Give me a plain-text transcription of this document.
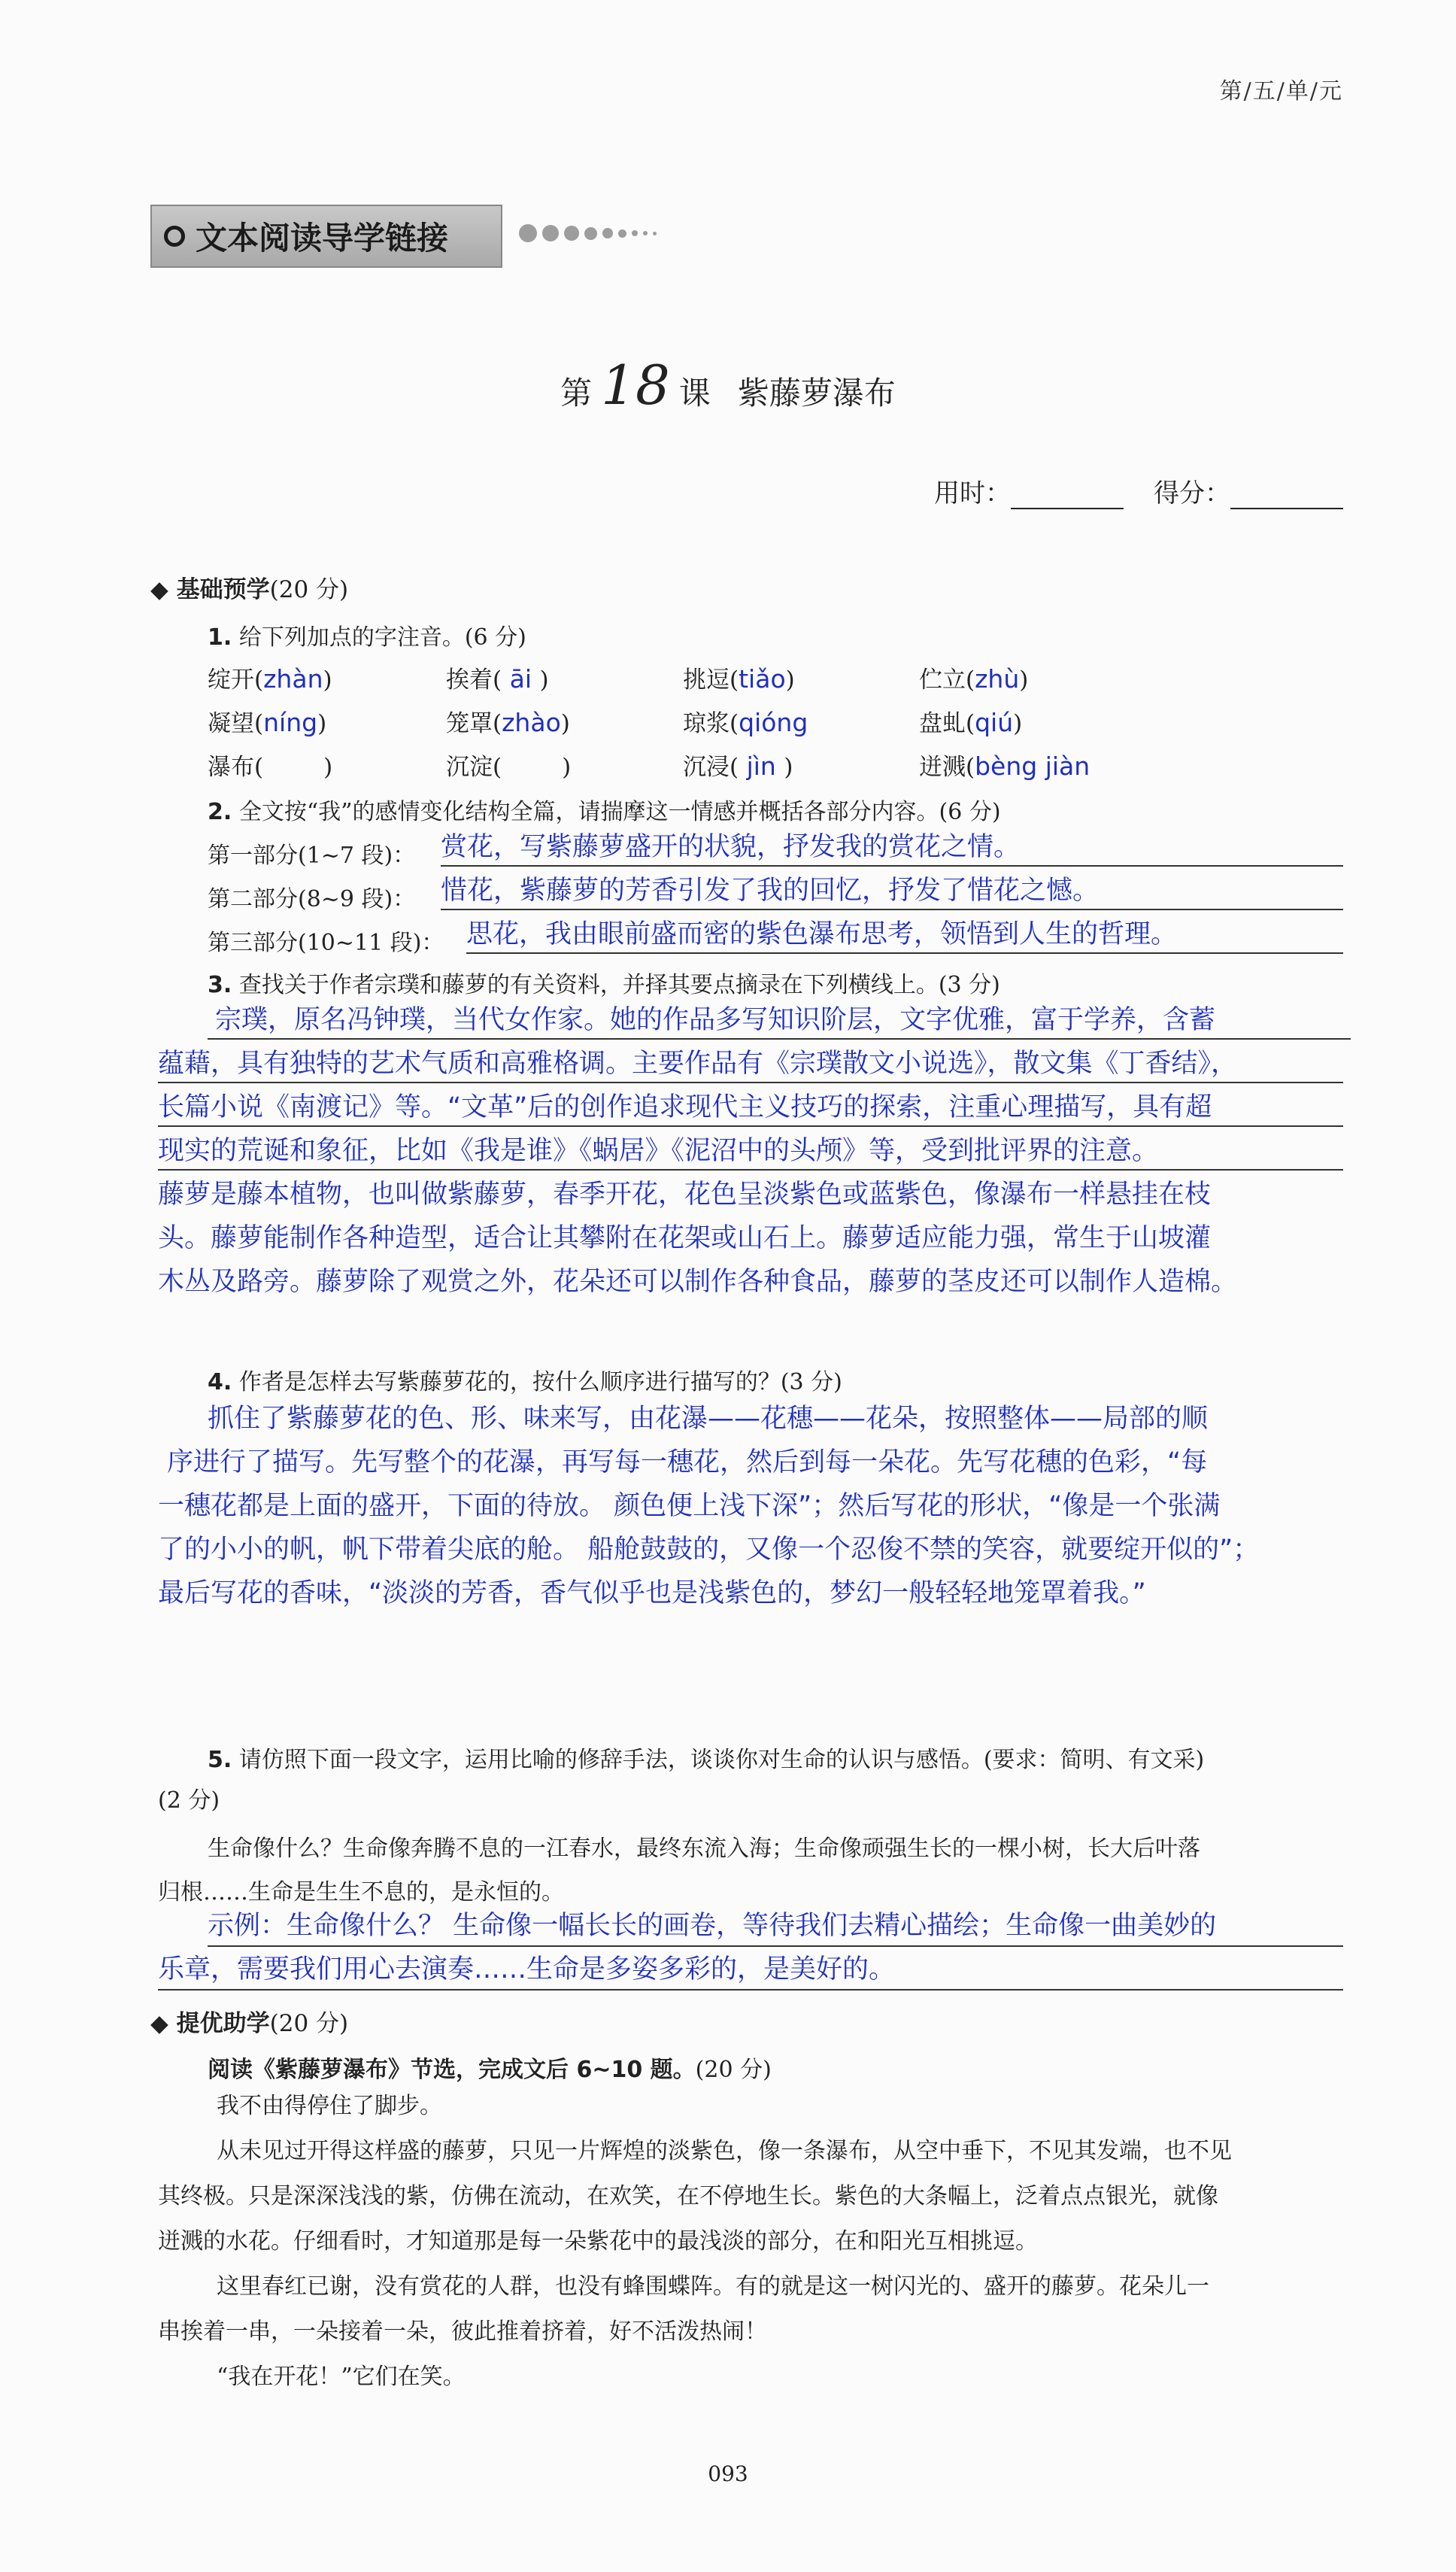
第/五/单/元
文本阅读导学链接
第 18 课 紫藤萝瀑布
用时：	得分：
◆ 基础预学(20 分)
1. 给下列加点的字注音。(6 分)
绽开(zhàn)	挨着( āi )	挑逗(tiǎo)	伫立(zhù)
凝望(níng)	笼罩(zhào)	琼浆(qióng	盘虬(qiú)
瀑布(	)	沉淀(	)	沉浸( jìn )	迸溅(bèng jiàn
2. 全文按“我”的感情变化结构全篇，请揣摩这一情感并概括各部分内容。(6 分)
第一部分(1~7 段)： 赏花，写紫藤萝盛开的状貌，抒发我的赏花之情。
第二部分(8~9 段)： 惜花，紫藤萝的芳香引发了我的回忆，抒发了惜花之憾。
第三部分(10~11 段)： 思花，我由眼前盛而密的紫色瀑布思考，领悟到人生的哲理。
3. 查找关于作者宗璞和藤萝的有关资料，并择其要点摘录在下列横线上。(3 分)
宗璞，原名冯钟璞，当代女作家。她的作品多写知识阶层，文字优雅，富于学养，含蓄
蕴藉，具有独特的艺术气质和高雅格调。主要作品有《宗璞散文小说选》，散文集《丁香结》，
长篇小说《南渡记》等。“文革”后的创作追求现代主义技巧的探索，注重心理描写，具有超
现实的荒诞和象征，比如《我是谁》《蜗居》《泥沼中的头颅》等，受到批评界的注意。
藤萝是藤本植物，也叫做紫藤萝，春季开花，花色呈淡紫色或蓝紫色，像瀑布一样悬挂在枝
头。藤萝能制作各种造型，适合让其攀附在花架或山石上。藤萝适应能力强，常生于山坡灌
木丛及路旁。藤萝除了观赏之外，花朵还可以制作各种食品，藤萝的茎皮还可以制作人造棉。
4. 作者是怎样去写紫藤萝花的，按什么顺序进行描写的？(3 分)
抓住了紫藤萝花的色、形、味来写，由花瀑——花穗——花朵，按照整体——局部的顺
序进行了描写。先写整个的花瀑，再写每一穗花，然后到每一朵花。先写花穗的色彩，“每
一穗花都是上面的盛开，下面的待放。 颜色便上浅下深”；然后写花的形状，“像是一个张满
了的小小的帆，帆下带着尖底的舱。 船舱鼓鼓的，又像一个忍俊不禁的笑容，就要绽开似的”；
最后写花的香味，“淡淡的芳香，香气似乎也是浅紫色的，梦幻一般轻轻地笼罩着我。”
5. 请仿照下面一段文字，运用比喻的修辞手法，谈谈你对生命的认识与感悟。(要求：简明、有文采)
(2 分)
生命像什么？生命像奔腾不息的一江春水，最终东流入海；生命像顽强生长的一棵小树，长大后叶落
归根……生命是生生不息的，是永恒的。
示例：生命像什么？ 生命像一幅长长的画卷，等待我们去精心描绘；生命像一曲美妙的
乐章，需要我们用心去演奏……生命是多姿多彩的，是美好的。
◆ 提优助学(20 分)
阅读《紫藤萝瀑布》节选，完成文后 6~10 题。(20 分)
我不由得停住了脚步。
从未见过开得这样盛的藤萝，只见一片辉煌的淡紫色，像一条瀑布，从空中垂下，不见其发端，也不见
其终极。只是深深浅浅的紫，仿佛在流动，在欢笑，在不停地生长。紫色的大条幅上，泛着点点银光，就像
迸溅的水花。仔细看时，才知道那是每一朵紫花中的最浅淡的部分，在和阳光互相挑逗。
这里春红已谢，没有赏花的人群，也没有蜂围蝶阵。有的就是这一树闪光的、盛开的藤萝。花朵儿一
串挨着一串，一朵接着一朵，彼此推着挤着，好不活泼热闹！
“我在开花！”它们在笑。
093
